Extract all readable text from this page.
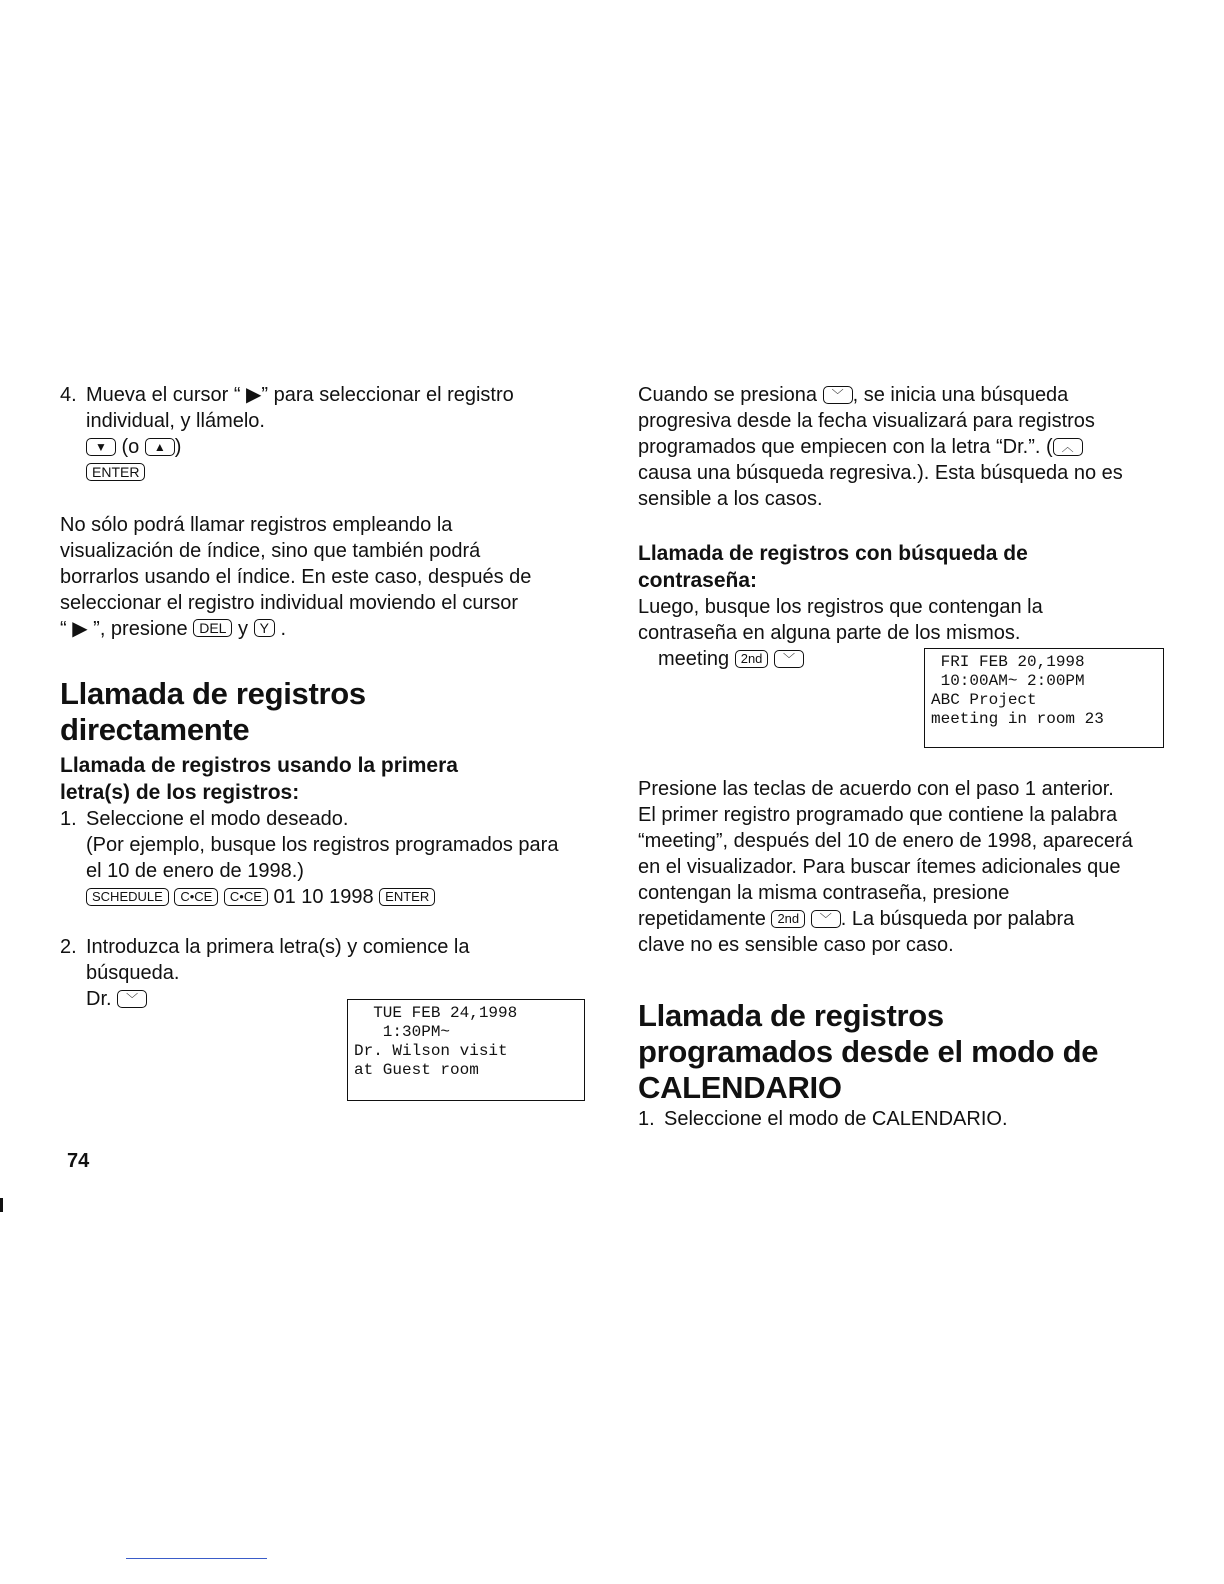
4. Mueva el cursor “ ▶” para seleccionar el registro

individual, y llámelo.

▼ (o ▲ )

ENTER

No sólo podrá llamar registros empleando la

visualización de índice, sino que también podrá

borrarlos usando el índice. En este caso, después de

seleccionar el registro individual moviendo el cursor

“ ▶ ”, presione DEL y Y .

Llamada de registros

directamente

Llamada de registros usando la primera

letra(s) de los registros:

1. Seleccione el modo deseado.

(Por ejemplo, busque los registros programados para

el 10 de enero de 1998.)

SCHEDULE C•CE C•CE 01 10 1998 ENTER

2. Introduzca la primera letra(s) y comience la

búsqueda.

Dr. ﹀

TUE FEB 24,1998
1:30PM~
Dr. Wilson visit
at Guest room
74

Cuando se presiona ﹀ , se inicia una búsqueda

progresiva desde la fecha visualizará para registros

programados que empiecen con la letra “Dr.”. ( ︿

causa una búsqueda regresiva.). Esta búsqueda no es

sensible a los casos.

Llamada de registros con búsqueda de

contraseña:

Luego, busque los registros que contengan la

contraseña en alguna parte de los mismos.

meeting 2nd ﹀

Presione las teclas de acuerdo con el paso 1 anterior.

El primer registro programado que contiene la palabra

“meeting”, después del 10 de enero de 1998, aparecerá

en el visualizador. Para buscar ítemes adicionales que

contengan la misma contraseña, presione

repetidamente 2nd ﹀ . La búsqueda por palabra

clave no es sensible caso por caso.

Llamada de registros

programados desde el modo de

CALENDARIO

1. Seleccione el modo de CALENDARIO.
FRI FEB 20,1998
10:00AM~ 2:00PM
ABC Project
meeting in room 23
